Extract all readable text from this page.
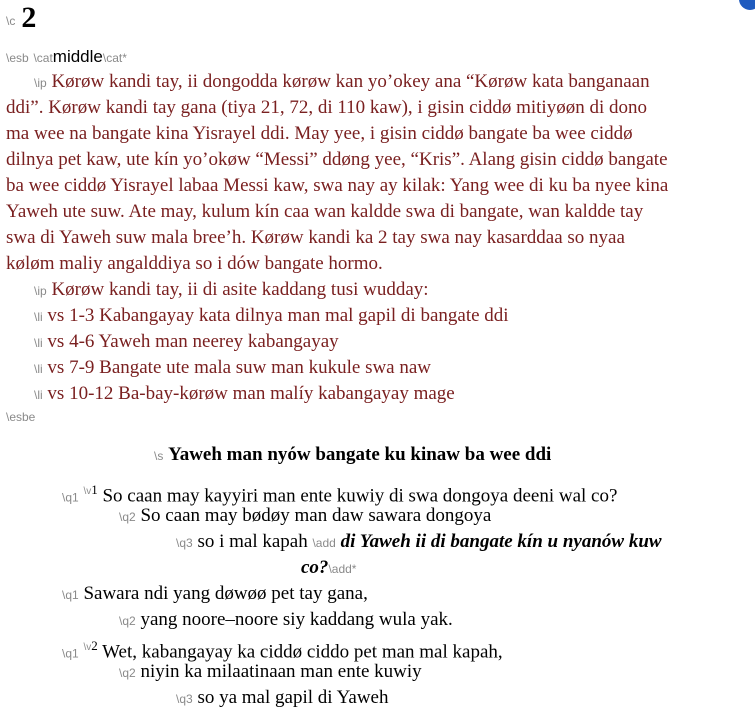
\c 2
\esb \catmiddle\cat*
\ip Kørøw kandi tay, ii dongodda kørøw kan yo’okey ana “Kørøw kata banganaan
ddi”. Kørøw kandi tay gana (tiya 21, 72, di 110 kaw), i gisin ciddø mitiyøøn di dono
ma wee na bangate kina Yisrayel ddi. May yee, i gisin ciddø bangate ba wee ciddø
dilnya pet kaw, ute kín yo’okøw “Messi” ddøng yee, “Kris”. Alang gisin ciddø bangate
ba wee ciddø Yisrayel labaa Messi kaw, swa nay ay kilak: Yang wee di ku ba nyee kina
Yaweh ute suw. Ate may, kulum kín caa wan kaldde swa di bangate, wan kaldde tay
swa di Yaweh suw mala bree’h. Kørøw kandi ka 2 tay swa nay kasarddaa so nyaa
køløm maliy angalddiya so i dów bangate hormo.
\ip Kørøw kandi tay, ii di asite kaddang tusi wudday:
\li vs 1-3 Kabangayay kata dilnya man mal gapil di bangate ddi
\li vs 4-6 Yaweh man neerey kabangayay
\li vs 7-9 Bangate ute mala suw man kukule swa naw
\li vs 10-12 Ba-bay-kørøw man malíy kabangayay mage
\esbe
\s Yaweh man nyów bangate ku kinaw ba wee ddi
\q1 $^{\backslash v1}$ So caan may kayyiri man ente kuwiy di swa dongoya deeni wal co?
\q2 So caan may bødøy man daw sawara dongoya
\q3 so i mal kapah \add di Yaweh ii di bangate kín u nyanów kuw
co?\add*
\q1 Sawara ndi yang døwøø pet tay gana,
\q2 yang noore–noore siy kaddang wula yak.
\q1 $^{\backslash v2}$ Wet, kabangayay ka ciddø ciddo pet man mal kapah,
\q2 niyin ka milaatinaan man ente kuwiy
\q3 so ya mal gapil di Yaweh
